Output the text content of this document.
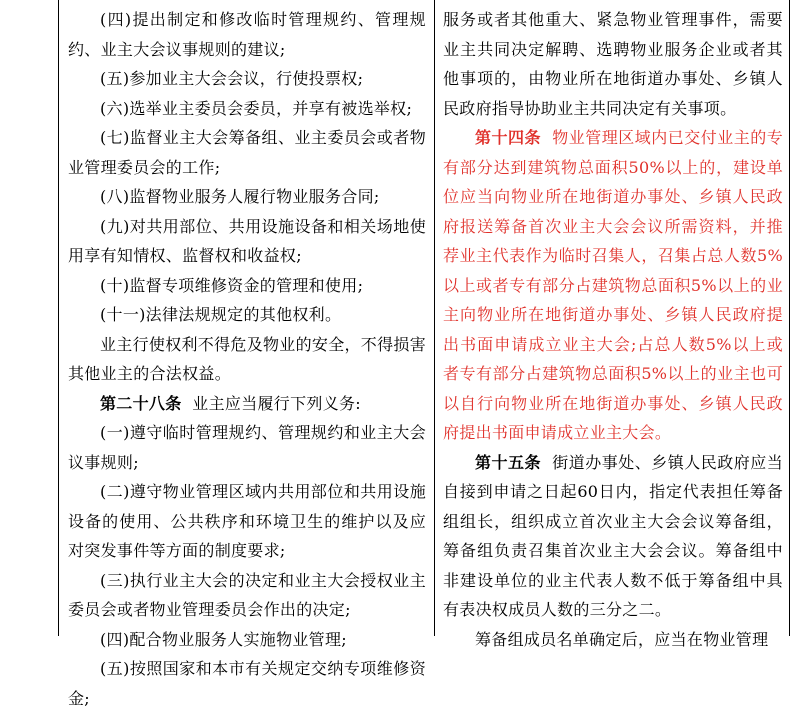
(四)提出制定和修改临时管理规约、管理规约、业主大会议事规则的建议;

(五)参加业主大会会议，行使投票权;

(六)选举业主委员会委员，并享有被选举权;

(七)监督业主大会筹备组、业主委员会或者物业管理委员会的工作;

(八)监督物业服务人履行物业服务合同;

(九)对共用部位、共用设施设备和相关场地使用享有知情权、监督权和收益权;

(十)监督专项维修资金的管理和使用;

(十一)法律法规规定的其他权利。

业主行使权利不得危及物业的安全，不得损害其他业主的合法权益。

第二十八条 业主应当履行下列义务:

(一)遵守临时管理规约、管理规约和业主大会议事规则;

(二)遵守物业管理区域内共用部位和共用设施设备的使用、公共秩序和环境卫生的维护以及应对突发事件等方面的制度要求;

(三)执行业主大会的决定和业主大会授权业主委员会或者物业管理委员会作出的决定;

(四)配合物业服务人实施物业管理;

(五)按照国家和本市有关规定交纳专项维修资金;

服务或者其他重大、紧急物业管理事件，需要业主共同决定解聘、选聘物业服务企业或者其他事项的，由物业所在地街道办事处、乡镇人民政府指导协助业主共同决定有关事项。

第十四条 物业管理区域内已交付业主的专有部分达到建筑物总面积50%以上的，建设单位应当向物业所在地街道办事处、乡镇人民政府报送筹备首次业主大会会议所需资料，并推荐业主代表作为临时召集人，召集占总人数5%以上或者专有部分占建筑物总面积5%以上的业主向物业所在地街道办事处、乡镇人民政府提出书面申请成立业主大会;占总人数5%以上或者专有部分占建筑物总面积5%以上的业主也可以自行向物业所在地街道办事处、乡镇人民政府提出书面申请成立业主大会。

第十五条 街道办事处、乡镇人民政府应当自接到申请之日起60日内，指定代表担任筹备组组长，组织成立首次业主大会会议筹备组，筹备组负责召集首次业主大会会议。筹备组中非建设单位的业主代表人数不低于筹备组中具有表决权成员人数的三分之二。

筹备组成员名单确定后，应当在物业管理
